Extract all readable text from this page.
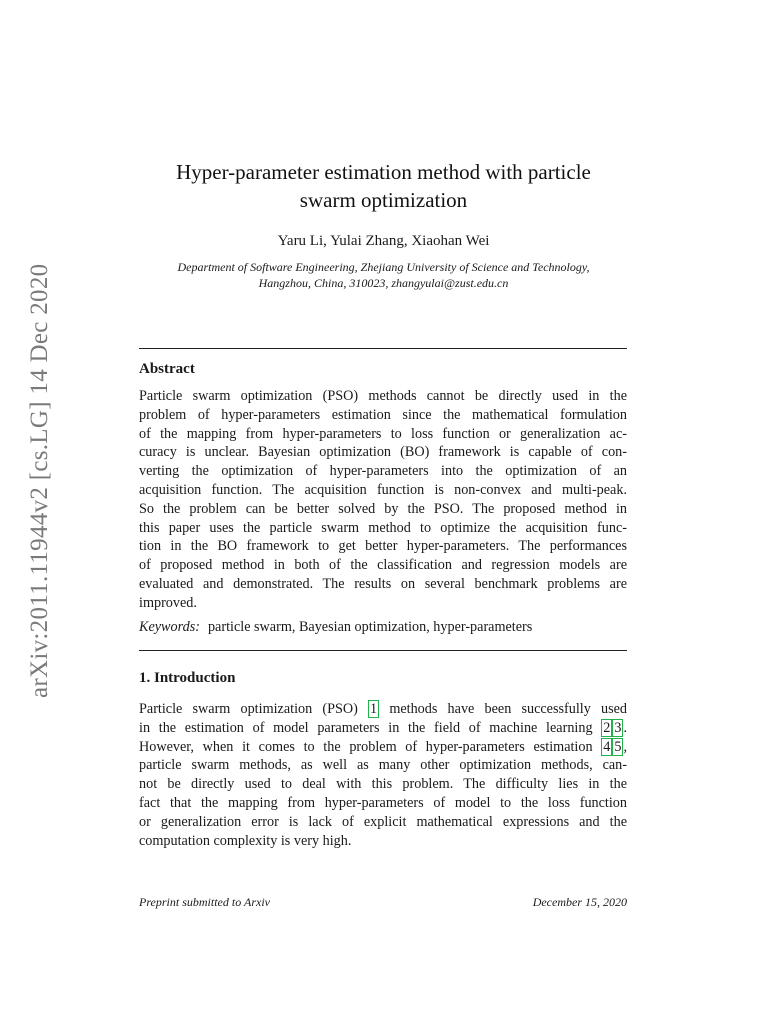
arXiv:2011.11944v2 [cs.LG] 14 Dec 2020
Hyper-parameter estimation method with particle
swarm optimization
Yaru Li, Yulai Zhang, Xiaohan Wei
Department of Software Engineering, Zhejiang University of Science and Technology,
Hangzhou, China, 310023, zhangyulai@zust.edu.cn
Abstract
Particle swarm optimization (PSO) methods cannot be directly used in the
problem of hyper-parameters estimation since the mathematical formulation
of the mapping from hyper-parameters to loss function or generalization ac-
curacy is unclear. Bayesian optimization (BO) framework is capable of con-
verting the optimization of hyper-parameters into the optimization of an
acquisition function. The acquisition function is non-convex and multi-peak.
So the problem can be better solved by the PSO. The proposed method in
this paper uses the particle swarm method to optimize the acquisition func-
tion in the BO framework to get better hyper-parameters. The performances
of proposed method in both of the classification and regression models are
evaluated and demonstrated. The results on several benchmark problems are
improved.
Keywords: particle swarm, Bayesian optimization, hyper-parameters
1. Introduction
Particle swarm optimization (PSO) 1 methods have been successfully used
in the estimation of model parameters in the field of machine learning 2 3 .
However, when it comes to the problem of hyper-parameters estimation 4 5 ,
particle swarm methods, as well as many other optimization methods, can-
not be directly used to deal with this problem. The difficulty lies in the
fact that the mapping from hyper-parameters of model to the loss function
or generalization error is lack of explicit mathematical expressions and the
computation complexity is very high.
Preprint submitted to Arxiv	December 15, 2020
